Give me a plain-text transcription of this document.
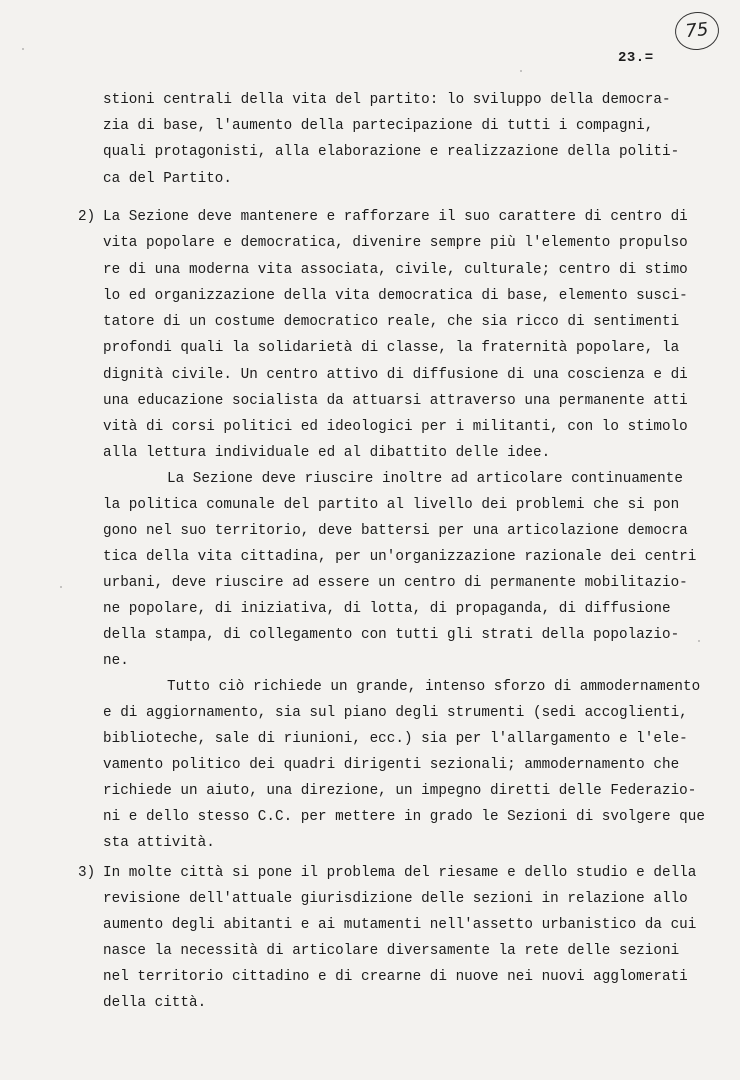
75
23.=
stioni centrali della vita del partito: lo sviluppo della democra-
zia di base, l'aumento della partecipazione di tutti i compagni,
quali protagonisti, alla elaborazione e realizzazione della politi-
ca del Partito.
2) La Sezione deve mantenere e rafforzare il suo carattere di centro di
vita popolare e democratica, divenire sempre più l'elemento propulso
re di una moderna vita associata, civile, culturale; centro di stimo
lo ed organizzazione della vita democratica di base, elemento susci-
tatore di un costume democratico reale, che sia ricco di sentimenti
profondi quali la solidarietà di classe, la fraternità popolare, la
dignità civile. Un centro attivo di diffusione di una coscienza e di
una educazione socialista da attuarsi attraverso una permanente atti
vità di corsi politici ed ideologici per i militanti, con lo stimolo
alla lettura individuale ed al dibattito delle idee.
La Sezione deve riuscire inoltre ad articolare continuamente
la politica comunale del partito al livello dei problemi che si pon
gono nel suo territorio, deve battersi per una articolazione democra
tica della vita cittadina, per un'organizzazione razionale dei centri
urbani, deve riuscire ad essere un centro di permanente mobilitazio-
ne popolare, di iniziativa, di lotta, di propaganda, di diffusione
della stampa, di collegamento con tutti gli strati della popolazio-
ne.
Tutto ciò richiede un grande, intenso sforzo di ammodernamento
e di aggiornamento, sia sul piano degli strumenti (sedi accoglienti,
biblioteche, sale di riunioni, ecc.) sia per l'allargamento e l'ele-
vamento politico dei quadri dirigenti sezionali; ammodernamento che
richiede un aiuto, una direzione, un impegno diretti delle Federazio-
ni e dello stesso C.C. per mettere in grado le Sezioni di svolgere que
sta attività.
3) In molte città si pone il problema del riesame e dello studio e della
revisione dell'attuale giurisdizione delle sezioni in relazione allo
aumento degli abitanti e ai mutamenti nell'assetto urbanistico da cui
nasce la necessità di articolare diversamente la rete delle sezioni
nel territorio cittadino e di crearne di nuove nei nuovi agglomerati
della città.
